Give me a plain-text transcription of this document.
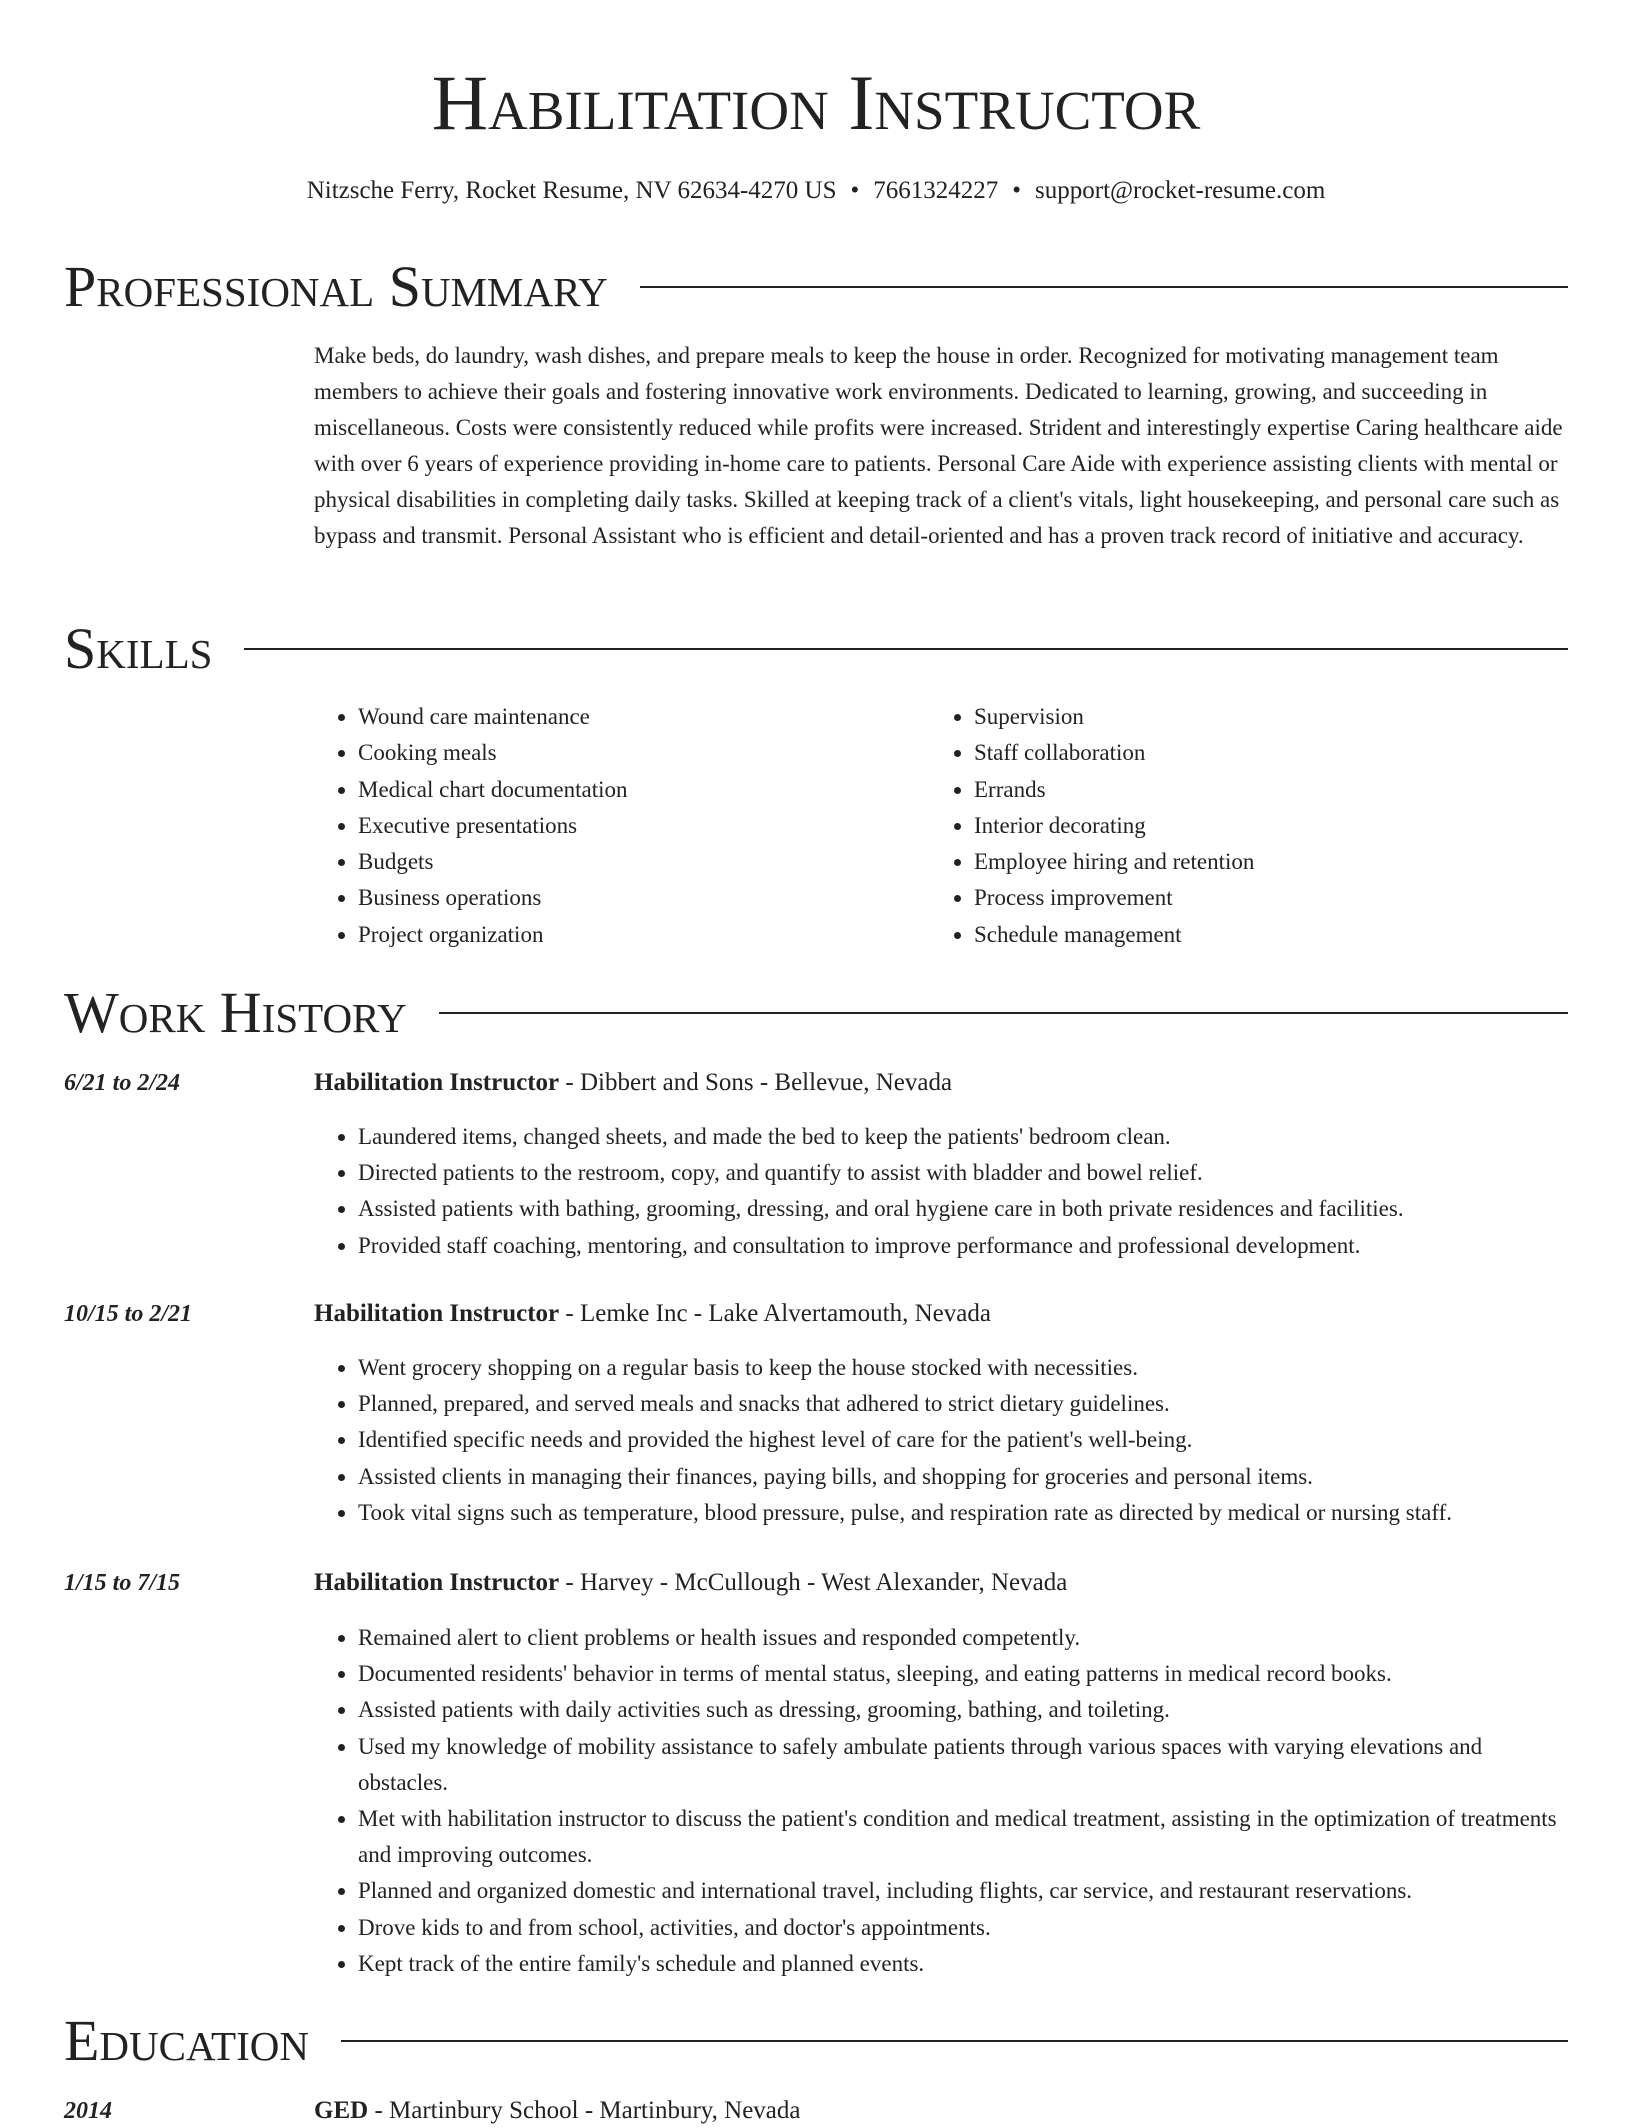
Habilitation Instructor
Nitzsche Ferry, Rocket Resume, NV 62634-4270 US • 7661324227 • support@rocket-resume.com
Professional Summary

Make beds, do laundry, wash dishes, and prepare meals to keep the house in order. Recognized for motivating management team members to achieve their goals and fostering innovative work environments. Dedicated to learning, growing, and succeeding in miscellaneous. Costs were consistently reduced while profits were increased. Strident and interestingly expertise Caring healthcare aide with over 6 years of experience providing in-home care to patients. Personal Care Aide with experience assisting clients with mental or physical disabilities in completing daily tasks. Skilled at keeping track of a client's vitals, light housekeeping, and personal care such as bypass and transmit. Personal Assistant who is efficient and detail-oriented and has a proven track record of initiative and accuracy.

Skills
• Wound care maintenance
• Cooking meals
• Medical chart documentation
• Executive presentations
• Budgets
• Business operations
• Project organization
• Supervision
• Staff collaboration
• Errands
• Interior decorating
• Employee hiring and retention
• Process improvement
• Schedule management
Work History
6/21 to 2/24	Habilitation Instructor - Dibbert and Sons - Bellevue, Nevada
• Laundered items, changed sheets, and made the bed to keep the patients' bedroom clean.
• Directed patients to the restroom, copy, and quantify to assist with bladder and bowel relief.
• Assisted patients with bathing, grooming, dressing, and oral hygiene care in both private residences and facilities.
• Provided staff coaching, mentoring, and consultation to improve performance and professional development.
10/15 to 2/21	Habilitation Instructor - Lemke Inc - Lake Alvertamouth, Nevada
• Went grocery shopping on a regular basis to keep the house stocked with necessities.
• Planned, prepared, and served meals and snacks that adhered to strict dietary guidelines.
• Identified specific needs and provided the highest level of care for the patient's well-being.
• Assisted clients in managing their finances, paying bills, and shopping for groceries and personal items.
• Took vital signs such as temperature, blood pressure, pulse, and respiration rate as directed by medical or nursing staff.
1/15 to 7/15	Habilitation Instructor - Harvey - McCullough - West Alexander, Nevada
• Remained alert to client problems or health issues and responded competently.
• Documented residents' behavior in terms of mental status, sleeping, and eating patterns in medical record books.
• Assisted patients with daily activities such as dressing, grooming, bathing, and toileting.
• Used my knowledge of mobility assistance to safely ambulate patients through various spaces with varying elevations and obstacles.
• Met with habilitation instructor to discuss the patient's condition and medical treatment, assisting in the optimization of treatments and improving outcomes.
• Planned and organized domestic and international travel, including flights, car service, and restaurant reservations.
• Drove kids to and from school, activities, and doctor's appointments.
• Kept track of the entire family's schedule and planned events.
Education
2014	GED - Martinbury School - Martinbury, Nevada
